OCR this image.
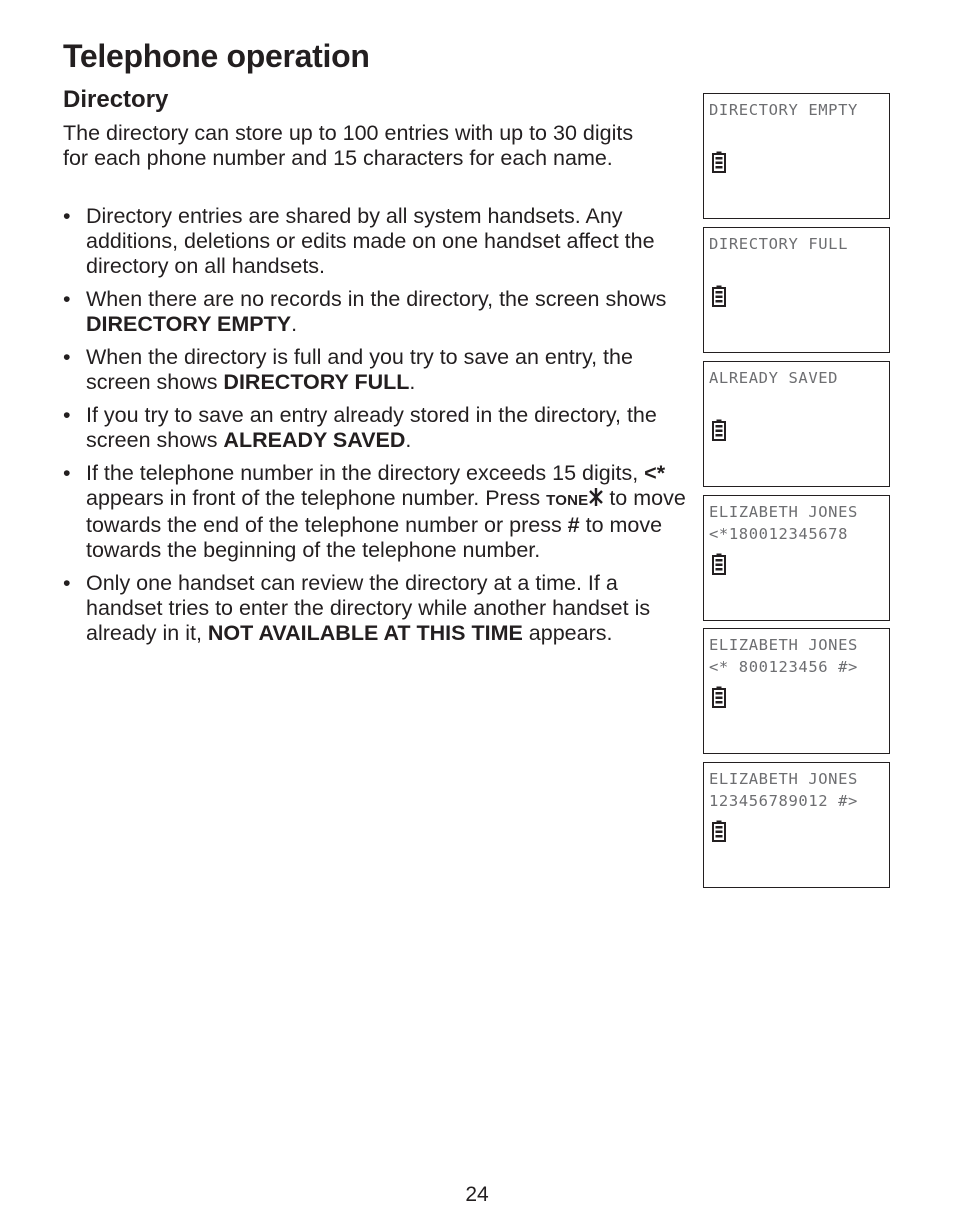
Telephone operation
Directory

The directory can store up to 100 entries with up to 30 digits for each phone number and 15 characters for each name.

• Directory entries are shared by all system handsets. Any additions, deletions or edits made on one handset affect the directory on all handsets.
• When there are no records in the directory, the screen shows DIRECTORY EMPTY.
• When the directory is full and you try to save an entry, the screen shows DIRECTORY FULL.
• If you try to save an entry already stored in the directory, the screen shows ALREADY SAVED.
• If the telephone number in the directory exceeds 15 digits, <* appears in front of the telephone number. Press TONE to move towards the end of the telephone number or press # to move towards the beginning of the telephone number.
• Only one handset can review the directory at a time. If a handset tries to enter the directory while another handset is already in it, NOT AVAILABLE AT THIS TIME appears.
DIRECTORY EMPTY
DIRECTORY FULL
ALREADY SAVED
ELIZABETH JONES
<*180012345678
ELIZABETH JONES
<* 800123456 #>
ELIZABETH JONES
123456789012 #>
24
